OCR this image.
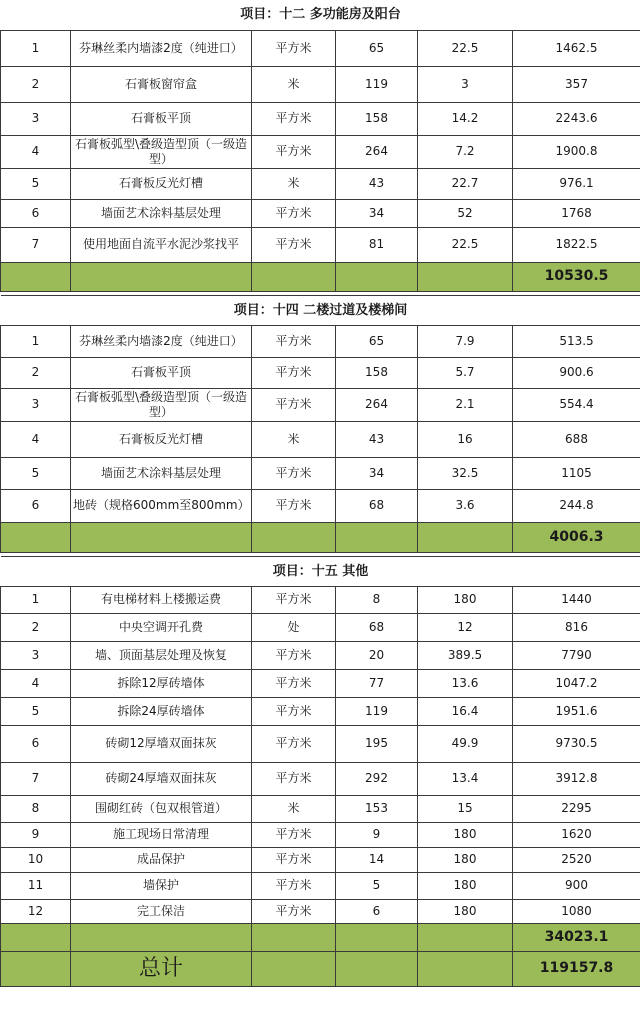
项目：十二 多功能房及阳台					
1	芬琳丝柔内墙漆2度（纯进口）	平方米	65	22.5	1462.5
2	石膏板窗帘盒	米	119	3	357
3	石膏板平顶	平方米	158	14.2	2243.6
4	石膏板弧型\叠级造型顶（一级造型）	平方米	264	7.2	1900.8
5	石膏板反光灯槽	米	43	22.7	976.1
6	墙面艺术涂料基层处理	平方米	34	52	1768
7	使用地面自流平水泥沙浆找平	平方米	81	22.5	1822.5
					10530.5

项目：十四 二楼过道及楼梯间					
1	芬琳丝柔内墙漆2度（纯进口）	平方米	65	7.9	513.5
2	石膏板平顶	平方米	158	5.7	900.6
3	石膏板弧型\叠级造型顶（一级造型）	平方米	264	2.1	554.4
4	石膏板反光灯槽	米	43	16	688
5	墙面艺术涂料基层处理	平方米	34	32.5	1105
6	地砖（规格600mm至800mm）	平方米	68	3.6	244.8
					4006.3

项目：十五 其他					
1	有电梯材料上楼搬运费	平方米	8	180	1440
2	中央空调开孔费	处	68	12	816
3	墙、顶面基层处理及恢复	平方米	20	389.5	7790
4	拆除12厚砖墙体	平方米	77	13.6	1047.2
5	拆除24厚砖墙体	平方米	119	16.4	1951.6
6	砖砌12厚墙双面抹灰	平方米	195	49.9	9730.5
7	砖砌24厚墙双面抹灰	平方米	292	13.4	3912.8
8	围砌红砖（包双根管道）	米	153	15	2295
9	施工现场日常清理	平方米	9	180	1620
10	成品保护	平方米	14	180	2520
11	墙保护	平方米	5	180	900
12	完工保洁	平方米	6	180	1080
					34023.1
	总计				119157.8
